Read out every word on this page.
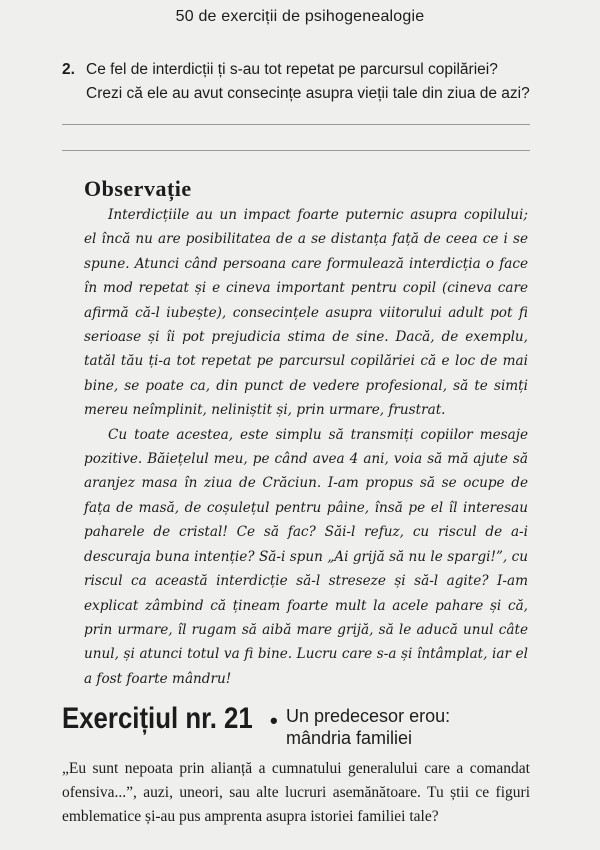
50 de exerciții de psihogenealogie
2. Ce fel de interdicții ți s-au tot repetat pe parcursul copilăriei? Crezi că ele au avut consecințe asupra vieții tale din ziua de azi?
Observație

Interdicțiile au un impact foarte puternic asupra copilului; el încă nu are posibilitatea de a se distanța față de ceea ce i se spune. Atunci când persoana care formulează interdicția o face în mod repetat și e cineva important pentru copil (cineva care afirmă că-l iubește), consecințele asupra viitorului adult pot fi serioase și îi pot prejudicia stima de sine. Dacă, de exemplu, tatăl tău ți-a tot repetat pe parcursul copilăriei că e loc de mai bine, se poate ca, din punct de vedere profesional, să te simți mereu neîmplinit, neliniștit și, prin urmare, frustrat.

Cu toate acestea, este simplu să transmiți copiilor mesaje pozitive. Băiețelul meu, pe când avea 4 ani, voia să mă ajute să aranjez masa în ziua de Crăciun. I-am propus să se ocupe de fața de masă, de coșulețul pentru pâine, însă pe el îl interesau paharele de cristal! Ce să fac? Săi-l refuz, cu riscul de a-i descuraja buna intenție? Să-i spun „Ai grijă să nu le spargi!”, cu riscul ca această interdicție să-l streseze și să-l agite? I-am explicat zâmbind că țineam foarte mult la acele pahare și că, prin urmare, îl rugam să aibă mare grijă, să le aducă unul câte unul, și atunci totul va fi bine. Lucru care s-a și întâmplat, iar el a fost foarte mândru!

Exercițiul nr. 21 • Un predecesor erou:
mândria familiei
„Eu sunt nepoata prin alianță a cumnatului generalului care a comandat ofensiva...”, auzi, uneori, sau alte lucruri asemănătoare. Tu știi ce figuri emblematice și-au pus amprenta asupra istoriei familiei tale?
